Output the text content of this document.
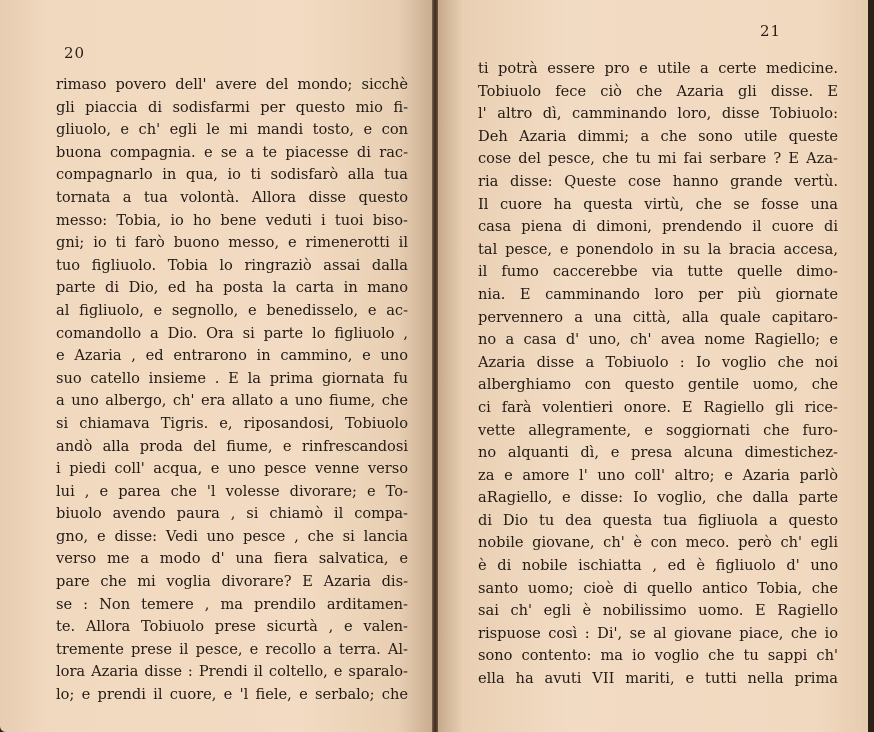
20
rimaso povero dell' avere del mondo; sicchè
gli piaccia di sodisfarmi per questo mio fi-
gliuolo, e ch' egli le mi mandi tosto, e con
buona compagnia. e se a te piacesse di rac-
compagnarlo in qua, io ti sodisfarò alla tua
tornata a tua volontà. Allora disse questo
messo: Tobia, io ho bene veduti i tuoi biso-
gni; io ti farò buono messo, e rimenerotti il
tuo figliuolo. Tobia lo ringraziò assai dalla
parte di Dio, ed ha posta la carta in mano
al figliuolo, e segnollo, e benedisselo, e ac-
comandollo a Dio. Ora si parte lo figliuolo ,
e Azaria , ed entrarono in cammino, e uno
suo catello insieme . E la prima giornata fu
a uno albergo, ch' era allato a uno fiume, che
si chiamava Tigris. e, riposandosi, Tobiuolo
andò alla proda del fiume, e rinfrescandosi
i piedi coll' acqua, e uno pesce venne verso
lui , e parea che 'l volesse divorare; e To-
biuolo avendo paura , si chiamò il compa-
gno, e disse: Vedi uno pesce , che si lancia
verso me a modo d' una fiera salvatica, e
pare che mi voglia divorare? E Azaria dis-
se : Non temere , ma prendilo arditamen-
te. Allora Tobiuolo prese sicurtà , e valen-
tremente prese il pesce, e recollo a terra. Al-
lora Azaria disse : Prendi il coltello, e sparalo-
lo; e prendi il cuore, e 'l fiele, e serbalo; che
21
ti potrà essere pro e utile a certe medicine.
Tobiuolo fece ciò che Azaria gli disse. E
l' altro dì, camminando loro, disse Tobiuolo:
Deh Azaria dimmi; a che sono utile queste
cose del pesce, che tu mi fai serbare ? E Aza-
ria disse: Queste cose hanno grande vertù.
Il cuore ha questa virtù, che se fosse una
casa piena di dimoni, prendendo il cuore di
tal pesce, e ponendolo in su la bracia accesa,
il fumo caccerebbe via tutte quelle dimo-
nia. E camminando loro per più giornate
pervennero a una città, alla quale capitaro-
no a casa d' uno, ch' avea nome Ragiello; e
Azaria disse a Tobiuolo : Io voglio che noi
alberghiamo con questo gentile uomo, che
ci farà volentieri onore. E Ragiello gli rice-
vette allegramente, e soggiornati che furo-
no alquanti dì, e presa alcuna dimestichez-
za e amore l' uno coll' altro; e Azaria parlò
aRagiello, e disse: Io voglio, che dalla parte
di Dio tu dea questa tua figliuola a questo
nobile giovane, ch' è con meco. però ch' egli
è di nobile ischiatta , ed è figliuolo d' uno
santo uomo; cioè di quello antico Tobia, che
sai ch' egli è nobilissimo uomo. E Ragiello
rispuose così : Di', se al giovane piace, che io
sono contento: ma io voglio che tu sappi ch'
ella ha avuti VII mariti, e tutti nella prima
